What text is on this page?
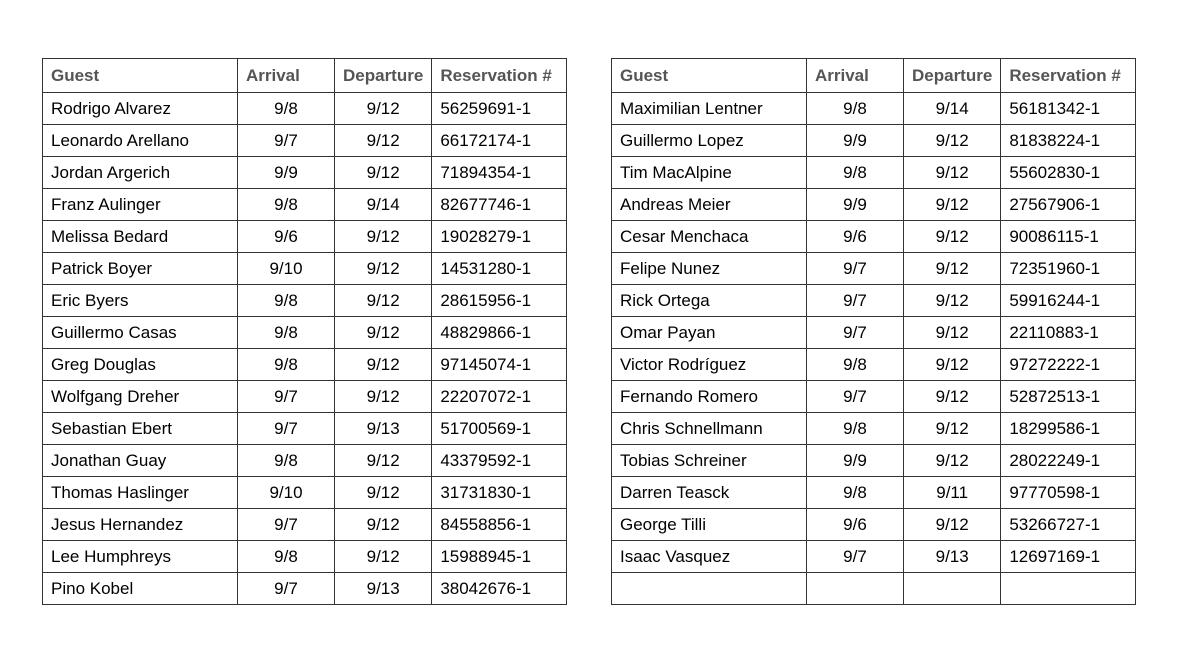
Guest	Arrival	Departure	Reservation #
Rodrigo Alvarez	9/8	9/12	56259691-1
Leonardo Arellano	9/7	9/12	66172174-1
Jordan Argerich	9/9	9/12	71894354-1
Franz Aulinger	9/8	9/14	82677746-1
Melissa Bedard	9/6	9/12	19028279-1
Patrick Boyer	9/10	9/12	14531280-1
Eric Byers	9/8	9/12	28615956-1
Guillermo Casas	9/8	9/12	48829866-1
Greg Douglas	9/8	9/12	97145074-1
Wolfgang Dreher	9/7	9/12	22207072-1
Sebastian Ebert	9/7	9/13	51700569-1
Jonathan Guay	9/8	9/12	43379592-1
Thomas Haslinger	9/10	9/12	31731830-1
Jesus Hernandez	9/7	9/12	84558856-1
Lee Humphreys	9/8	9/12	15988945-1
Pino Kobel	9/7	9/13	38042676-1
Guest	Arrival	Departure	Reservation #
Maximilian Lentner	9/8	9/14	56181342-1
Guillermo Lopez	9/9	9/12	81838224-1
Tim MacAlpine	9/8	9/12	55602830-1
Andreas Meier	9/9	9/12	27567906-1
Cesar Menchaca	9/6	9/12	90086115-1
Felipe Nunez	9/7	9/12	72351960-1
Rick Ortega	9/7	9/12	59916244-1
Omar Payan	9/7	9/12	22110883-1
Victor Rodríguez	9/8	9/12	97272222-1
Fernando Romero	9/7	9/12	52872513-1
Chris Schnellmann	9/8	9/12	18299586-1
Tobias Schreiner	9/9	9/12	28022249-1
Darren Teasck	9/8	9/11	97770598-1
George Tilli	9/6	9/12	53266727-1
Isaac Vasquez	9/7	9/13	12697169-1
